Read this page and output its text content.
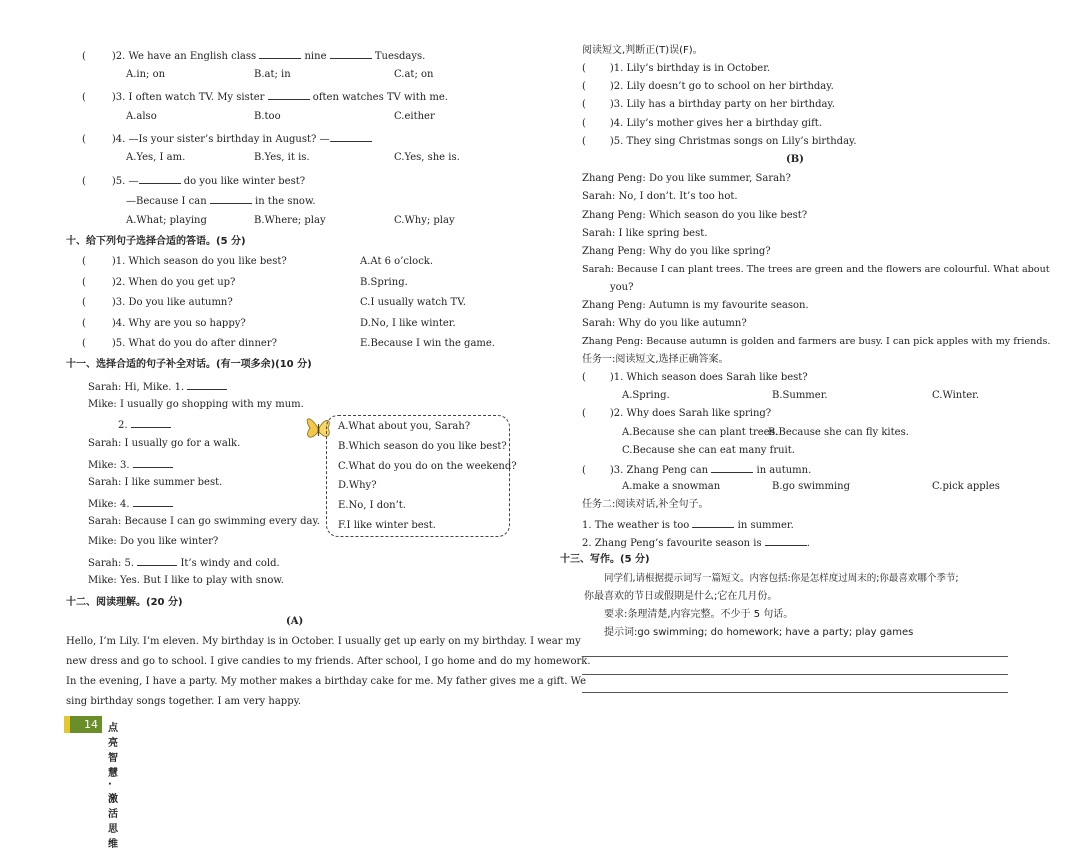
(	)2. We have an English class	nine	Tuesdays.
A.in; on	B.at; in	C.at; on
(	)3. I often watch TV. My sister	often watches TV with me.
A.also	B.too	C.either
(	)4. —Is your sister’s birthday in August? —
A.Yes, I am.	B.Yes, it is.	C.Yes, she is.
(	)5. —	do you like winter best?
—Because I can	in the snow.
A.What; playing	B.Where; play	C.Why; play
十、给下列句子选择合适的答语。(5 分)
(	)1. Which season do you like best?	A.At 6 o’clock.
(	)2. When do you get up?	B.Spring.
(	)3. Do you like autumn?	C.I usually watch TV.
(	)4. Why are you so happy?	D.No, I like winter.
(	)5. What do you do after dinner?	E.Because I win the game.
十一、选择合适的句子补全对话。(有一项多余)(10 分)
Sarah: Hi, Mike. 1.
Mike: I usually go shopping with my mum.
2.
Sarah: I usually go for a walk.
Mike: 3.
Sarah: I like summer best.
Mike: 4.
Sarah: Because I can go swimming every day.
Mike: Do you like winter?
Sarah: 5.	It’s windy and cold.
Mike: Yes. But I like to play with snow.
A.What about you, Sarah?
B.Which season do you like best?
C.What do you do on the weekend?
D.Why?
E.No, I don’t.
F.I like winter best.
十二、阅读理解。(20 分)
(A)
Hello, I’m Lily. I’m eleven. My birthday is in October. I usually get up early on my birthday. I wear my
new dress and go to school. I give candies to my friends. After school, I go home and do my homework.
In the evening, I have a party. My mother makes a birthday cake for me. My father gives me a gift. We
sing birthday songs together. I am very happy.
14	点亮智慧 · 激活思维
阅读短文,判断正(T)误(F)。
( )1. Lily’s birthday is in October.
( )2. Lily doesn’t go to school on her birthday.
( )3. Lily has a birthday party on her birthday.
( )4. Lily’s mother gives her a birthday gift.
( )5. They sing Christmas songs on Lily’s birthday.
(B)
Zhang Peng: Do you like summer, Sarah?
Sarah: No, I don’t. It’s too hot.
Zhang Peng: Which season do you like best?
Sarah: I like spring best.
Zhang Peng: Why do you like spring?
Sarah: Because I can plant trees. The trees are green and the flowers are colourful. What about
you?
Zhang Peng: Autumn is my favourite season.
Sarah: Why do you like autumn?
Zhang Peng: Because autumn is golden and farmers are busy. I can pick apples with my friends.
任务一:阅读短文,选择正确答案。
( )1. Which season does Sarah like best?
A.Spring.	B.Summer.	C.Winter.
( )2. Why does Sarah like spring?
A.Because she can plant trees.
B.Because she can fly kites.
C.Because she can eat many fruit.
( )3. Zhang Peng can	in autumn.
A.make a snowman	B.go swimming	C.pick apples
任务二:阅读对话,补全句子。
1. The weather is too	in summer.
2. Zhang Peng’s favourite season is	.
十三、写作。(5 分)
同学们,请根据提示词写一篇短文。内容包括:你是怎样度过周末的;你最喜欢哪个季节;
你最喜欢的节日或假期是什么;它在几月份。
要求:条理清楚,内容完整。不少于 5 句话。
提示词:go swimming; do homework; have a party; play games
